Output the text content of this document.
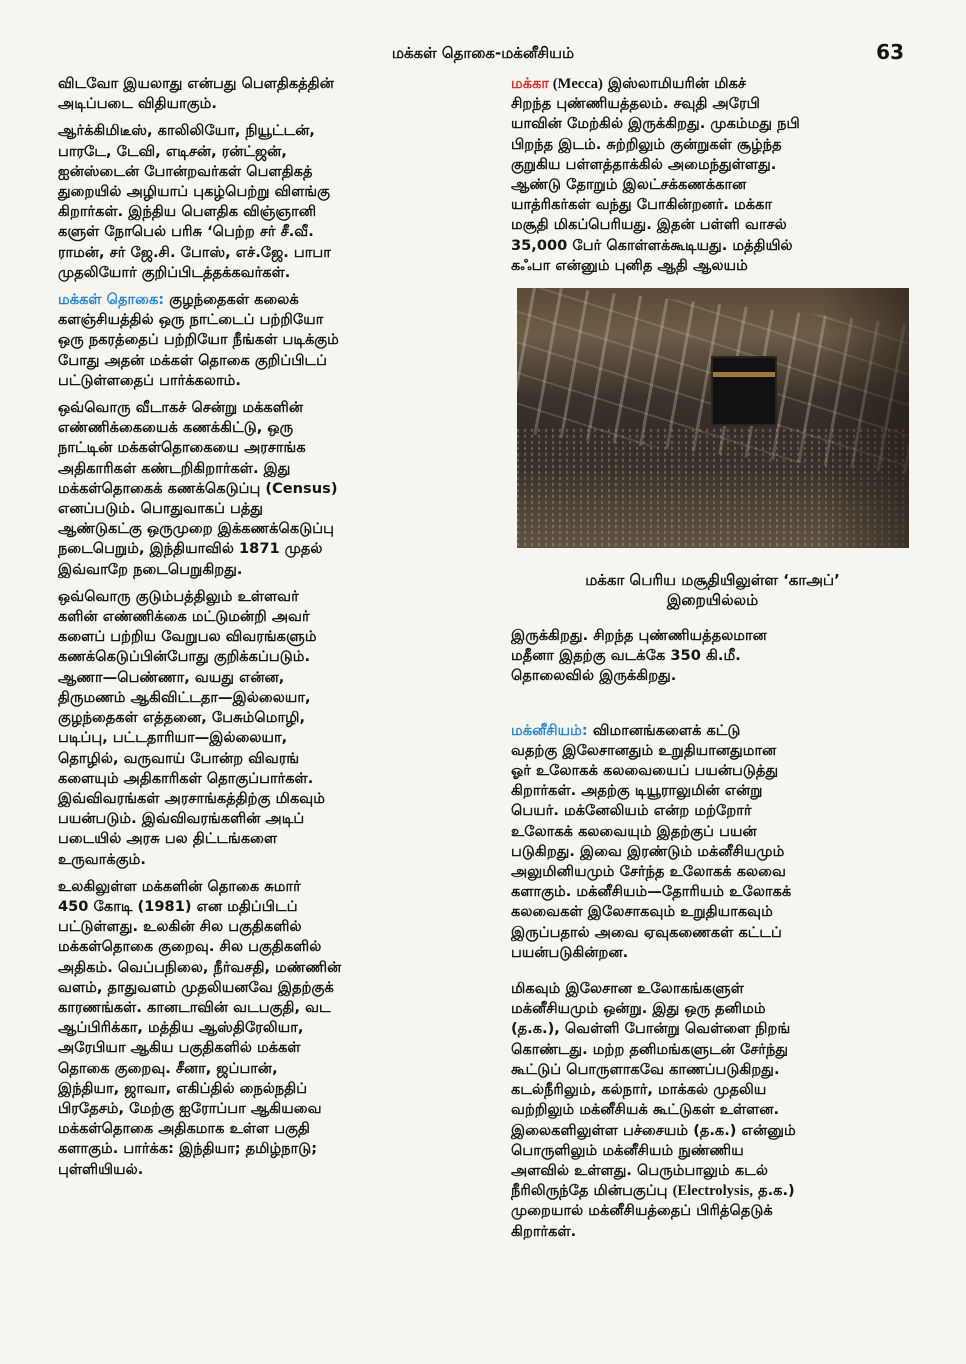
மக்கள் தொகை-மக்னீசியம்	63

விடவோ இயலாது என்பது பௌதிகத்தின்
அடிப்படை விதியாகும்.

ஆர்க்கிமிடீஸ், காலிலியோ, நியூட்டன்,
பாரடே, டேவி, எடிசன், ரன்ட்ஜன்,
ஐன்ஸ்டைன் போன்றவர்கள் பௌதிகத்
துறையில் அழியாப் புகழ்பெற்று விளங்கு
கிறார்கள். இந்திய பௌதிக விஞ்ஞானி
களுள் நோபெல் பரிசு ‘பெற்ற சர் சீ.வீ.
ராமன், சர் ஜே.சி. போஸ், எச்.ஜே. பாபா
முதலியோர் குறிப்பிடத்தக்கவர்கள்.

மக்கள் தொகை: குழந்தைகள் கலைக்
களஞ்சியத்தில் ஒரு நாட்டைப் பற்றியோ
ஒரு நகரத்தைப் பற்றியோ நீங்கள் படிக்கும்
போது அதன் மக்கள் தொகை குறிப்பிடப்
பட்டுள்ளதைப் பார்க்கலாம்.

ஒவ்வொரு வீடாகச் சென்று மக்களின்
எண்ணிக்கையைக் கணக்கிட்டு, ஒரு
நாட்டின் மக்கள்தொகையை அரசாங்க
அதிகாரிகள் கண்டறிகிறார்கள். இது
மக்கள்தொகைக் கணக்கெடுப்பு (Census)
எனப்படும். பொதுவாகப் பத்து
ஆண்டுகட்கு ஒருமுறை இக்கணக்கெடுப்பு
நடைபெறும், இந்தியாவில் 1871 முதல்
இவ்வாறே நடைபெறுகிறது.

ஒவ்வொரு குடும்பத்திலும் உள்ளவர்
களின் எண்ணிக்கை மட்டுமன்றி அவர்
களைப் பற்றிய வேறுபல விவரங்களும்
கணக்கெடுப்பின்போது குறிக்கப்படும்.
ஆணா—பெண்ணா, வயது என்ன,
திருமணம் ஆகிவிட்டதா—இல்லையா,
குழந்தைகள் எத்தனை, பேசும்மொழி,
படிப்பு, பட்டதாரியா—இல்லையா,
தொழில், வருவாய் போன்ற விவரங்
களையும் அதிகாரிகள் தொகுப்பார்கள்.
இவ்விவரங்கள் அரசாங்கத்திற்கு மிகவும்
பயன்படும். இவ்விவரங்களின் அடிப்
படையில் அரசு பல திட்டங்களை
உருவாக்கும்.

உலகிலுள்ள மக்களின் தொகை சுமார்
450 கோடி (1981) என மதிப்பிடப்
பட்டுள்ளது. உலகின் சில பகுதிகளில்
மக்கள்தொகை குறைவு. சில பகுதிகளில்
அதிகம். வெப்பநிலை, நீர்வசதி, மண்ணின்
வளம், தாதுவளம் முதலியனவே இதற்குக்
காரணங்கள். கானடாவின் வடபகுதி, வட
ஆப்பிரிக்கா, மத்திய ஆஸ்திரேலியா,
அரேபியா ஆகிய பகுதிகளில் மக்கள்
தொகை குறைவு. சீனா, ஜப்பான்,
இந்தியா, ஜாவா, எகிப்தில் நைல்நதிப்
பிரதேசம், மேற்கு ஐரோப்பா ஆகியவை
மக்கள்தொகை அதிகமாக உள்ள பகுதி
களாகும். பார்க்க: இந்தியா; தமிழ்நாடு;
புள்ளியியல்.

மக்கா (Mecca) இஸ்லாமியரின் மிகச்
சிறந்த புண்ணியத்தலம். சவுதி அரேபி
யாவின் மேற்கில் இருக்கிறது. முகம்மது நபி
பிறந்த இடம். சுற்றிலும் குன்றுகள் சூழ்ந்த
குறுகிய பள்ளத்தாக்கில் அமைந்துள்ளது.
ஆண்டு தோறும் இலட்சக்கணக்கான
யாத்ரிகர்கள் வந்து போகின்றனர். மக்கா
மசூதி மிகப்பெரியது. இதன் பள்ளி வாசல்
35,000 பேர் கொள்ளக்கூடியது. மத்தியில்
கஃபா என்னும் புனித ஆதி ஆலயம்

மக்கா பெரிய மசூதியிலுள்ள ‘காஅப்’
இறையில்லம்

இருக்கிறது. சிறந்த புண்ணியத்தலமான
மதீனா இதற்கு வடக்கே 350 கி.மீ.
தொலைவில் இருக்கிறது.

மக்னீசியம்: விமானங்களைக் கட்டு
வதற்கு இலேசானதும் உறுதியானதுமான
ஓர் உலோகக் கலவையைப் பயன்படுத்து
கிறார்கள். அதற்கு டியூராலுமின் என்று
பெயர். மக்னேலியம் என்ற மற்றோர்
உலோகக் கலவையும் இதற்குப் பயன்
படுகிறது. இவை இரண்டும் மக்னீசியமும்
அலுமினியமும் சேர்ந்த உலோகக் கலவை
களாகும். மக்னீசியம்—தோரியம் உலோகக்
கலவைகள் இலேசாகவும் உறுதியாகவும்
இருப்பதால் அவை ஏவுகணைகள் கட்டப்
பயன்படுகின்றன.

மிகவும் இலேசான உலோகங்களுள்
மக்னீசியமும் ஒன்று. இது ஒரு தனிமம்
(த.க.), வெள்ளி போன்று வெள்ளை நிறங்
கொண்டது. மற்ற தனிமங்களுடன் சேர்ந்து
கூட்டுப் பொருளாகவே காணப்படுகிறது.
கடல்நீரிலும், கல்நார், மாக்கல் முதலிய
வற்றிலும் மக்னீசியக் கூட்டுகள் உள்ளன.
இலைகளிலுள்ள பச்சையம் (த.க.) என்னும்
பொருளிலும் மக்னீசியம் நுண்ணிய
அளவில் உள்ளது. பெரும்பாலும் கடல்
நீரிலிருந்தே மின்பகுப்பு (Electrolysis, த.க.)
முறையால் மக்னீசியத்தைப் பிரித்தெடுக்
கிறார்கள்.
